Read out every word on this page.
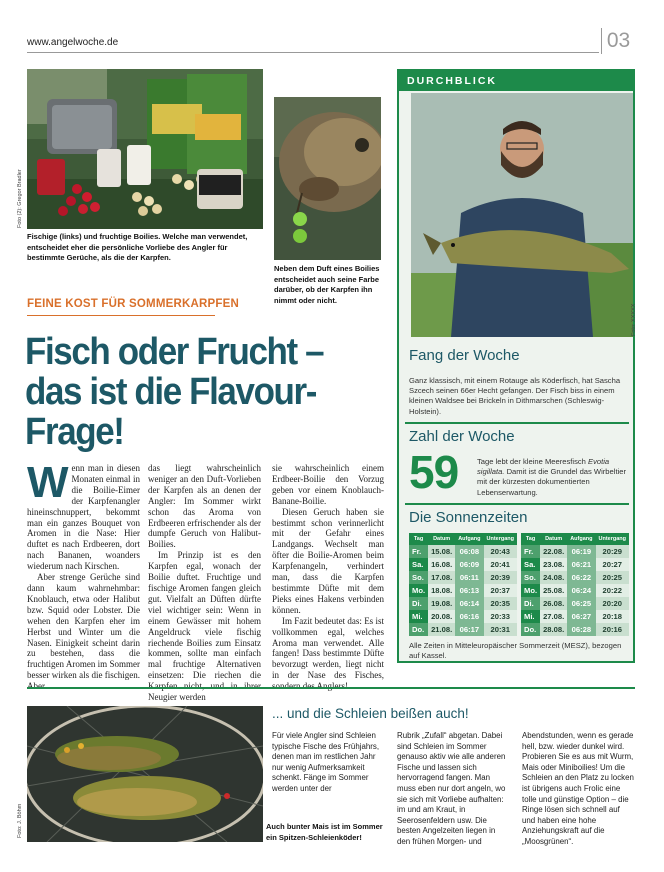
www.angelwoche.de	03
Foto (2): Gregor Bradler
Fischige (links) und fruchtige Boilies. Welche man verwendet, entscheidet eher die persönliche Vorliebe des Angler für bestimmte Gerüche, als die der Karpfen.
Neben dem Duft eines Boilies entscheidet auch seine Farbe darüber, ob der Karpfen ihn nimmt oder nicht.
FEINE KOST FÜR SOMMERKARPFEN
Fisch oder Frucht – das ist die Flavour-Frage!
Wenn man in diesen Monaten einmal in die Boilie-Eimer der Karpfenangler hineinschnuppert, bekommt man ein ganzes Bouquet von Aromen in die Nase: Hier duftet es nach Erdbeeren, dort nach Bananen, woanders wiederum nach Kirschen.
Aber strenge Gerüche sind dann kaum wahrnehmbar: Knoblauch, etwa oder Halibut bzw. Squid oder Lobster. Die wehen den Karpfen eher im Herbst und Winter um die Nasen. Einigkeit scheint darin zu bestehen, dass die fruchtigen Aromen im Sommer besser wirken als die fischigen. Aber
das liegt wahrscheinlich weniger an den Duft-Vorlieben der Karpfen als an denen der Angler: Im Sommer wirkt schon das Aroma von Erdbeeren erfrischender als der dumpfe Geruch von Halibut-Boilies.
Im Prinzip ist es den Karpfen egal, wonach der Boilie duftet. Fruchtige und fischige Aromen fangen gleich gut. Vielfalt an Düften dürfte viel wichtiger sein: Wenn in einem Gewässer mit hohem Angeldruck viele fischig riechende Boilies zum Einsatz kommen, sollte man einfach mal fruchtige Alternativen einsetzen: Die riechen die Karpfen nicht, und in ihrer Neugier werden
sie wahrscheinlich einem Erdbeer-Boilie den Vorzug geben vor einem Knoblauch-Banane-Boilie.
Diesen Geruch haben sie bestimmt schon verinnerlicht mit der Gefahr eines Landgangs. Wechselt man öfter die Boilie-Aromen beim Karpfenangeln, verhindert man, dass die Karpfen bestimmte Düfte mit dem Pieks eines Hakens verbinden können.
Im Fazit bedeutet das: Es ist vollkommen egal, welches Aroma man verwendet. Alle fangen! Dass bestimmte Düfte bevorzugt werden, liegt nicht in der Nase des Fisches, sondern des Anglers!
DURCHBLICK
Foto: XXXXX
Fang der Woche
Ganz klassisch, mit einem Rotauge als Köderfisch, hat Sascha Szcech seinen 66er Hecht gefangen. Der Fisch biss in einem kleinen Waldsee bei Brickeln in Dithmarschen (Schleswig-Holstein).
Zahl der Woche
59 Tage lebt der kleine Meeresfisch Evotia sigillata. Damit ist die Grundel das Wirbeltier mit der kürzesten dokumentierten Lebenserwartung.
Die Sonnenzeiten
Tag	Datum	Aufgang	Untergang
Fr.	15.08.	06:08	20:43
Sa.	16.08.	06:09	20:41
So.	17.08.	06:11	20:39
Mo.	18.08.	06:13	20:37
Di.	19.08.	06:14	20:35
Mi.	20.08.	06:16	20:33
Do.	21.08.	06:17	20:31
Tag	Datum	Aufgang	Untergang
Fr.	22.08.	06:19	20:29
Sa.	23.08.	06:21	20:27
So.	24.08.	06:22	20:25
Mo.	25.08.	06:24	20:22
Di.	26.08.	06:25	20:20
Mi.	27.08.	06:27	20:18
Do.	28.08.	06:28	20:16
Alle Zeiten in Mitteleuropäischer Sommerzeit (MESZ), bezogen auf Kassel.
Foto: J. Böhm	Auch bunter Mais ist im Sommer ein Spitzen-Schleienköder!
... und die Schleien beißen auch!
Für viele Angler sind Schleien typische Fische des Frühjahrs, denen man im restlichen Jahr nur wenig Aufmerksamkeit schenkt. Fänge im Sommer werden unter der
Rubrik „Zufall“ abgetan. Dabei sind Schleien im Sommer genauso aktiv wie alle anderen Fische und lassen sich hervorragend fangen. Man muss eben nur dort angeln, wo sie sich mit Vorliebe aufhalten: im und am Kraut, in Seerosenfeldern usw. Die besten Angelzeiten liegen in den frühen Morgen- und
Abendstunden, wenn es gerade hell, bzw. wieder dunkel wird. Probieren Sie es aus mit Wurm, Mais oder Miniboilies! Um die Schleien an den Platz zu locken ist übrigens auch Frolic eine tolle und günstige Option – die Ringe lösen sich schnell auf und haben eine hohe Anziehungskraft auf die „Moosgrünen“.
